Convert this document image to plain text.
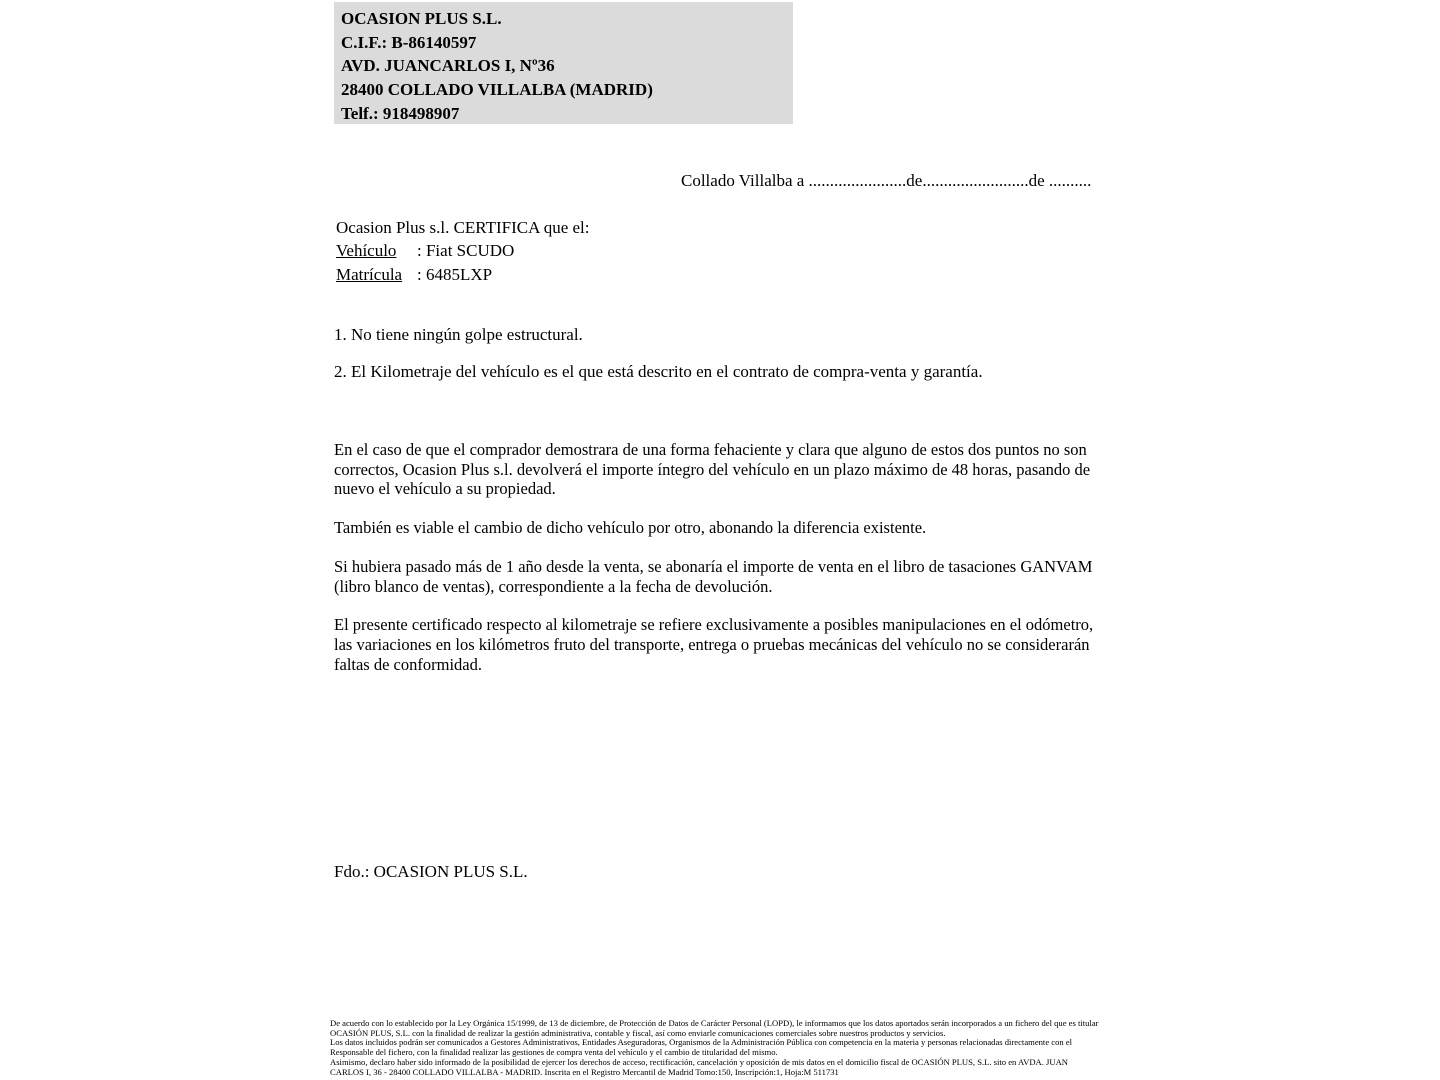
OCASION PLUS S.L.
C.I.F.: B-86140597
AVD. JUANCARLOS I, Nº36
28400 COLLADO VILLALBA (MADRID)
Telf.: 918498907
Collado Villalba a .......................de.........................de ..........
Ocasion Plus s.l. CERTIFICA que el:
Vehículo	: Fiat SCUDO
Matrícula : 6485LXP
1. No tiene ningún golpe estructural.
2. El Kilometraje del vehículo es el que está descrito en el contrato de compra-venta y garantía.

En el caso de que el comprador demostrara de una forma fehaciente y clara que alguno de estos dos puntos no son correctos, Ocasion Plus s.l. devolverá el importe íntegro del vehículo en un plazo máximo de 48 horas, pasando de nuevo el vehículo a su propiedad.

También es viable el cambio de dicho vehículo por otro, abonando la diferencia existente.

Si hubiera pasado más de 1 año desde la venta, se abonaría el importe de venta en el libro de tasaciones GANVAM (libro blanco de ventas), correspondiente a la fecha de devolución.

El presente certificado respecto al kilometraje se refiere exclusivamente a posibles manipulaciones en el odómetro, las variaciones en los kilómetros fruto del transporte, entrega o pruebas mecánicas del vehículo no se considerarán faltas de conformidad.

Fdo.: OCASION PLUS S.L.

De acuerdo con lo establecido por la Ley Orgánica 15/1999, de 13 de diciembre, de Protección de Datos de Carácter Personal (LOPD), le informamos que los datos aportados serán incorporados a un fichero del que es titular OCASIÓN PLUS, S.L. con la finalidad de realizar la gestión administrativa, contable y fiscal, así como enviarle comunicaciones comerciales sobre nuestros productos y servicios.

Los datos incluidos podrán ser comunicados a Gestores Administrativos, Entidades Aseguradoras, Organismos de la Administración Pública con competencia en la materia y personas relacionadas directamente con el Responsable del fichero, con la finalidad realizar las gestiones de compra venta del vehículo y el cambio de titularidad del mismo.

Asimismo, declaro haber sido informado de la posibilidad de ejercer los derechos de acceso, rectificación, cancelación y oposición de mis datos en el domicilio fiscal de OCASIÓN PLUS, S.L. sito en AVDA. JUAN CARLOS I, 36 - 28400 COLLADO VILLALBA - MADRID. Inscrita en el Registro Mercantil de Madrid Tomo:150, Inscripción:1, Hoja:M 511731
